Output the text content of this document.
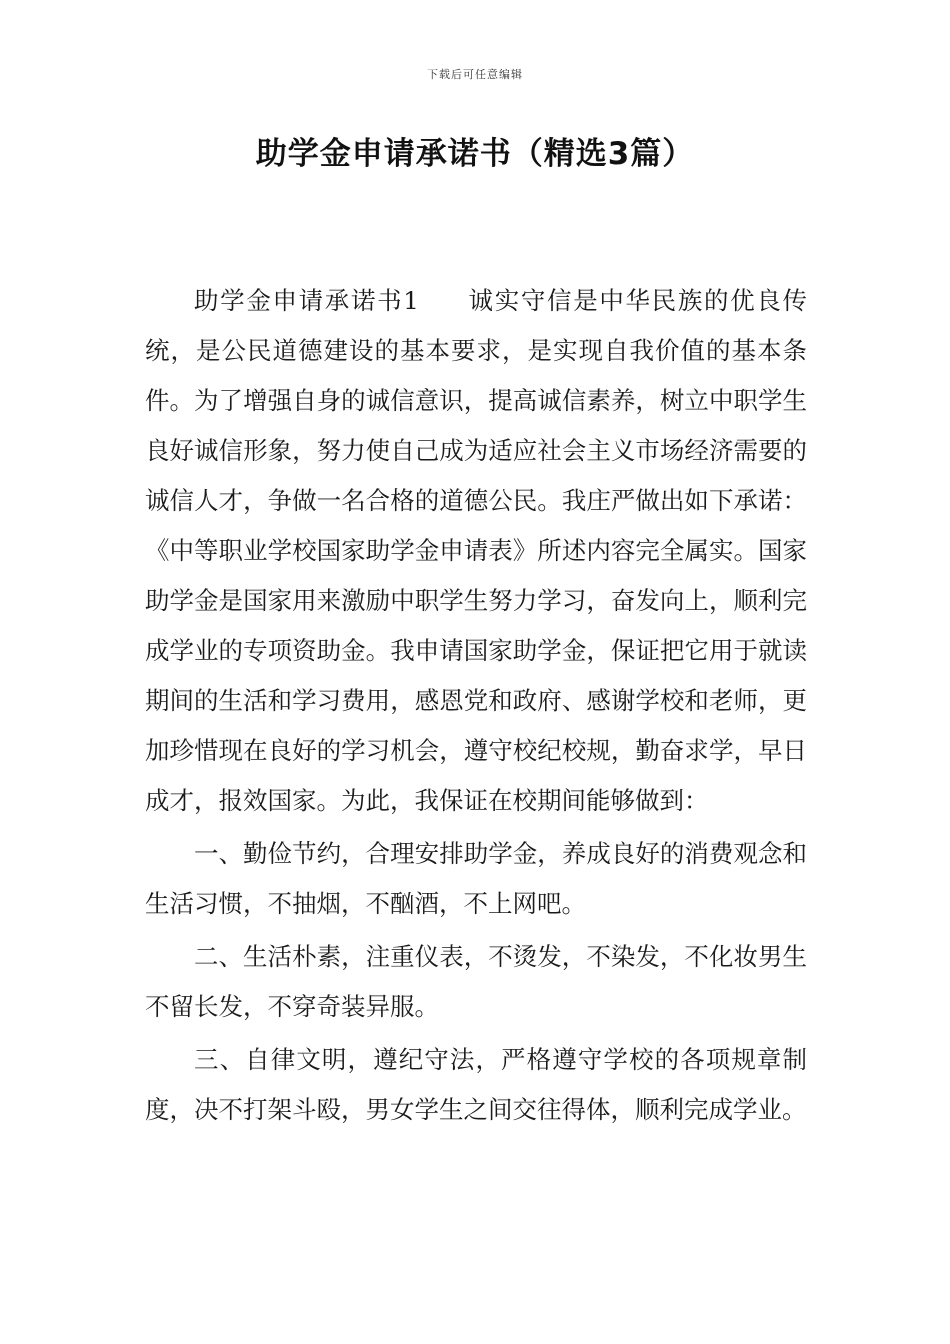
下载后可任意编辑
助学金申请承诺书（精选3篇）

助学金申请承诺书1 诚实守信是中华民族的优良传统，是公民道德建设的基本要求，是实现自我价值的基本条件。为了增强自身的诚信意识，提高诚信素养，树立中职学生良好诚信形象，努力使自己成为适应社会主义市场经济需要的诚信人才，争做一名合格的道德公民。我庄严做出如下承诺：《中等职业学校国家助学金申请表》所述内容完全属实。国家助学金是国家用来激励中职学生努力学习，奋发向上，顺利完成学业的专项资助金。我申请国家助学金，保证把它用于就读期间的生活和学习费用，感恩党和政府、感谢学校和老师，更加珍惜现在良好的学习机会，遵守校纪校规，勤奋求学，早日成才，报效国家。为此，我保证在校期间能够做到：

一、勤俭节约，合理安排助学金，养成良好的消费观念和生活习惯，不抽烟，不酗酒，不上网吧。

二、生活朴素，注重仪表，不烫发，不染发，不化妆男生不留长发，不穿奇装异服。

三、自律文明，遵纪守法，严格遵守学校的各项规章制度，决不打架斗殴，男女学生之间交往得体，顺利完成学业。
